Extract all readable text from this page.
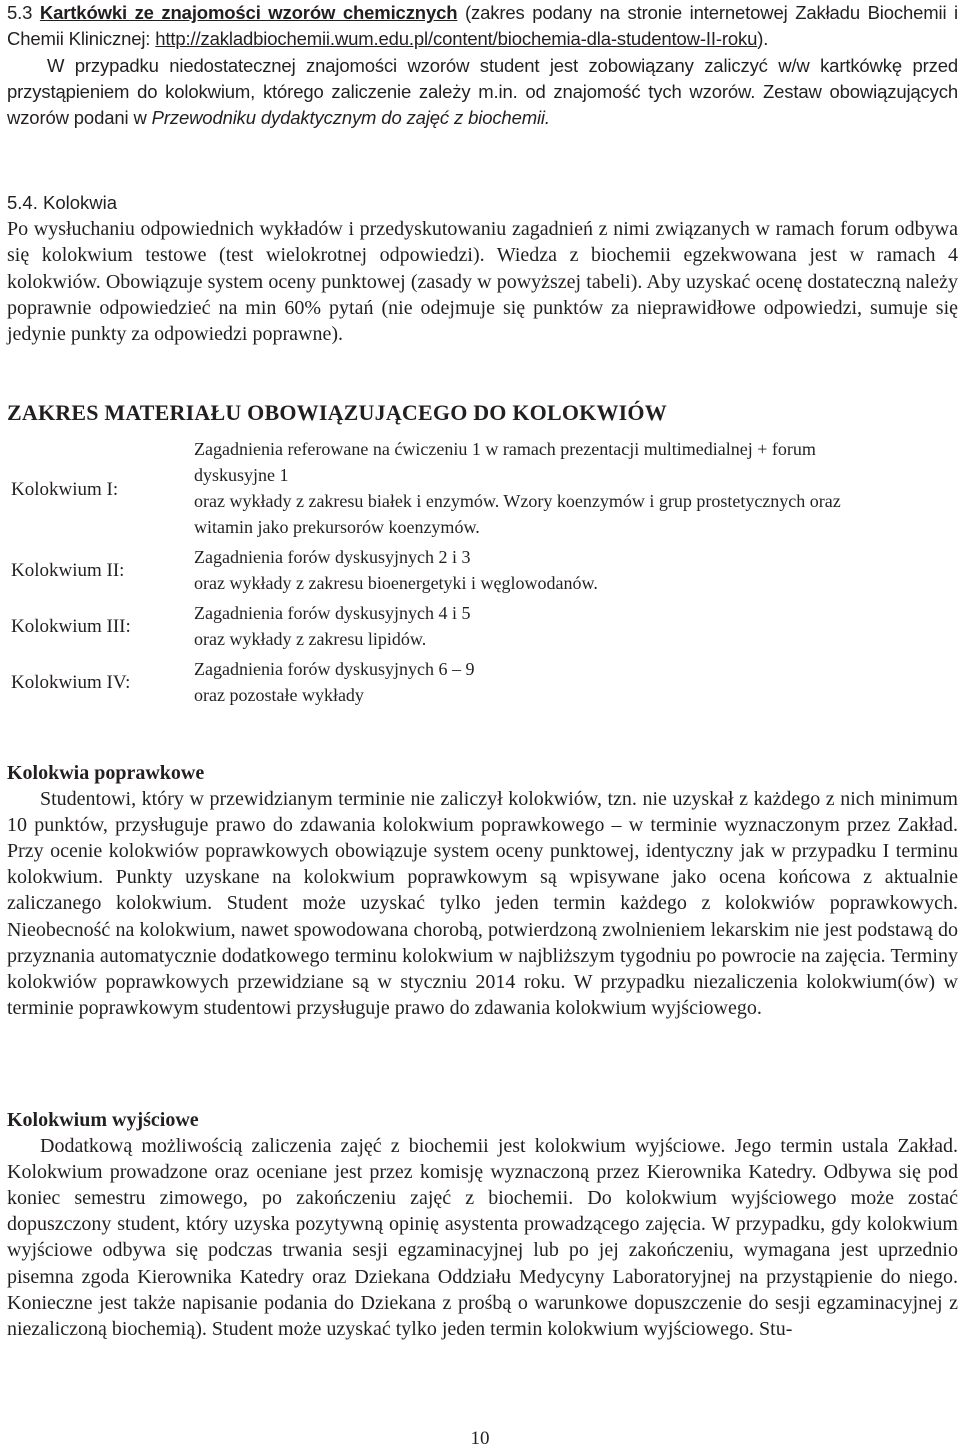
5.3 Kartkówki ze znajomości wzorów chemicznych (zakres podany na stronie internetowej Zakładu Biochemii i Chemii Klinicznej: http://zakladbiochemii.wum.edu.pl/content/biochemia-dla-studentow-II-roku).

W przypadku niedostatecznej znajomości wzorów student jest zobowiązany zaliczyć w/w kartkówkę przed przystąpieniem do kolokwium, którego zaliczenie zależy m.in. od znajomość tych wzorów. Zestaw obowiązujących wzorów podani w Przewodniku dydaktycznym do zajęć z biochemii.

5.4. Kolokwia

Po wysłuchaniu odpowiednich wykładów i przedyskutowaniu zagadnień z nimi związanych w ramach forum odbywa się kolokwium testowe (test wielokrotnej odpowiedzi). Wiedza z biochemii egzekwowana jest w ramach 4 kolokwiów. Obowiązuje system oceny punktowej (zasady w powyższej tabeli). Aby uzyskać ocenę dostateczną należy poprawnie odpowiedzieć na min 60% pytań (nie odejmuje się punktów za nieprawidłowe odpowiedzi, sumuje się jedynie punkty za odpowiedzi poprawne).

ZAKRES MATERIAŁU OBOWIĄZUJĄCEGO DO KOLOKWIÓW
Kolokwium I:
Zagadnienia referowane na ćwiczeniu 1 w ramach prezentacji multimedialnej + forum
dyskusyjne 1
oraz wykłady z zakresu białek i enzymów. Wzory koenzymów i grup prostetycznych oraz
witamin jako prekursorów koenzymów.
Kolokwium II:
Zagadnienia forów dyskusyjnych 2 i 3
oraz wykłady z zakresu bioenergetyki i węglowodanów.
Kolokwium III:
Zagadnienia forów dyskusyjnych 4 i 5
oraz wykłady z zakresu lipidów.
Kolokwium IV:
Zagadnienia forów dyskusyjnych 6 – 9
oraz pozostałe wykłady
Kolokwia poprawkowe

Studentowi, który w przewidzianym terminie nie zaliczył kolokwiów, tzn. nie uzyskał z każdego z nich minimum 10 punktów, przysługuje prawo do zdawania kolokwium poprawkowego – w terminie wyznaczonym przez Zakład. Przy ocenie kolokwiów poprawkowych obowiązuje system oceny punktowej, identyczny jak w przypadku I terminu kolokwium. Punkty uzyskane na kolokwium poprawkowym są wpisywane jako ocena końcowa z aktualnie zaliczanego kolokwium. Student może uzyskać tylko jeden termin każdego z kolokwiów poprawkowych. Nieobecność na kolokwium, nawet spowodowana chorobą, potwierdzoną zwolnieniem lekarskim nie jest podstawą do przyznania automatycznie dodatkowego terminu kolokwium w najbliższym tygodniu po powrocie na zajęcia. Terminy kolokwiów poprawkowych przewidziane są w styczniu 2014 roku. W przypadku niezaliczenia kolokwium(ów) w terminie poprawkowym studentowi przysługuje prawo do zdawania kolokwium wyjściowego.

Kolokwium wyjściowe

Dodatkową możliwością zaliczenia zajęć z biochemii jest kolokwium wyjściowe. Jego termin ustala Zakład. Kolokwium prowadzone oraz oceniane jest przez komisję wyznaczoną przez Kierownika Katedry. Odbywa się pod koniec semestru zimowego, po zakończeniu zajęć z biochemii. Do kolokwium wyjściowego może zostać dopuszczony student, który uzyska pozytywną opinię asystenta prowadzącego zajęcia. W przypadku, gdy kolokwium wyjściowe odbywa się podczas trwania sesji egzaminacyjnej lub po jej zakończeniu, wymagana jest uprzednio pisemna zgoda Kierownika Katedry oraz Dziekana Oddziału Medycyny Laboratoryjnej na przystąpienie do niego. Konieczne jest także napisanie podania do Dziekana z prośbą o warunkowe dopuszczenie do sesji egzaminacyjnej z niezaliczoną biochemią). Student może uzyskać tylko jeden termin kolokwium wyjściowego. Stu-

10
